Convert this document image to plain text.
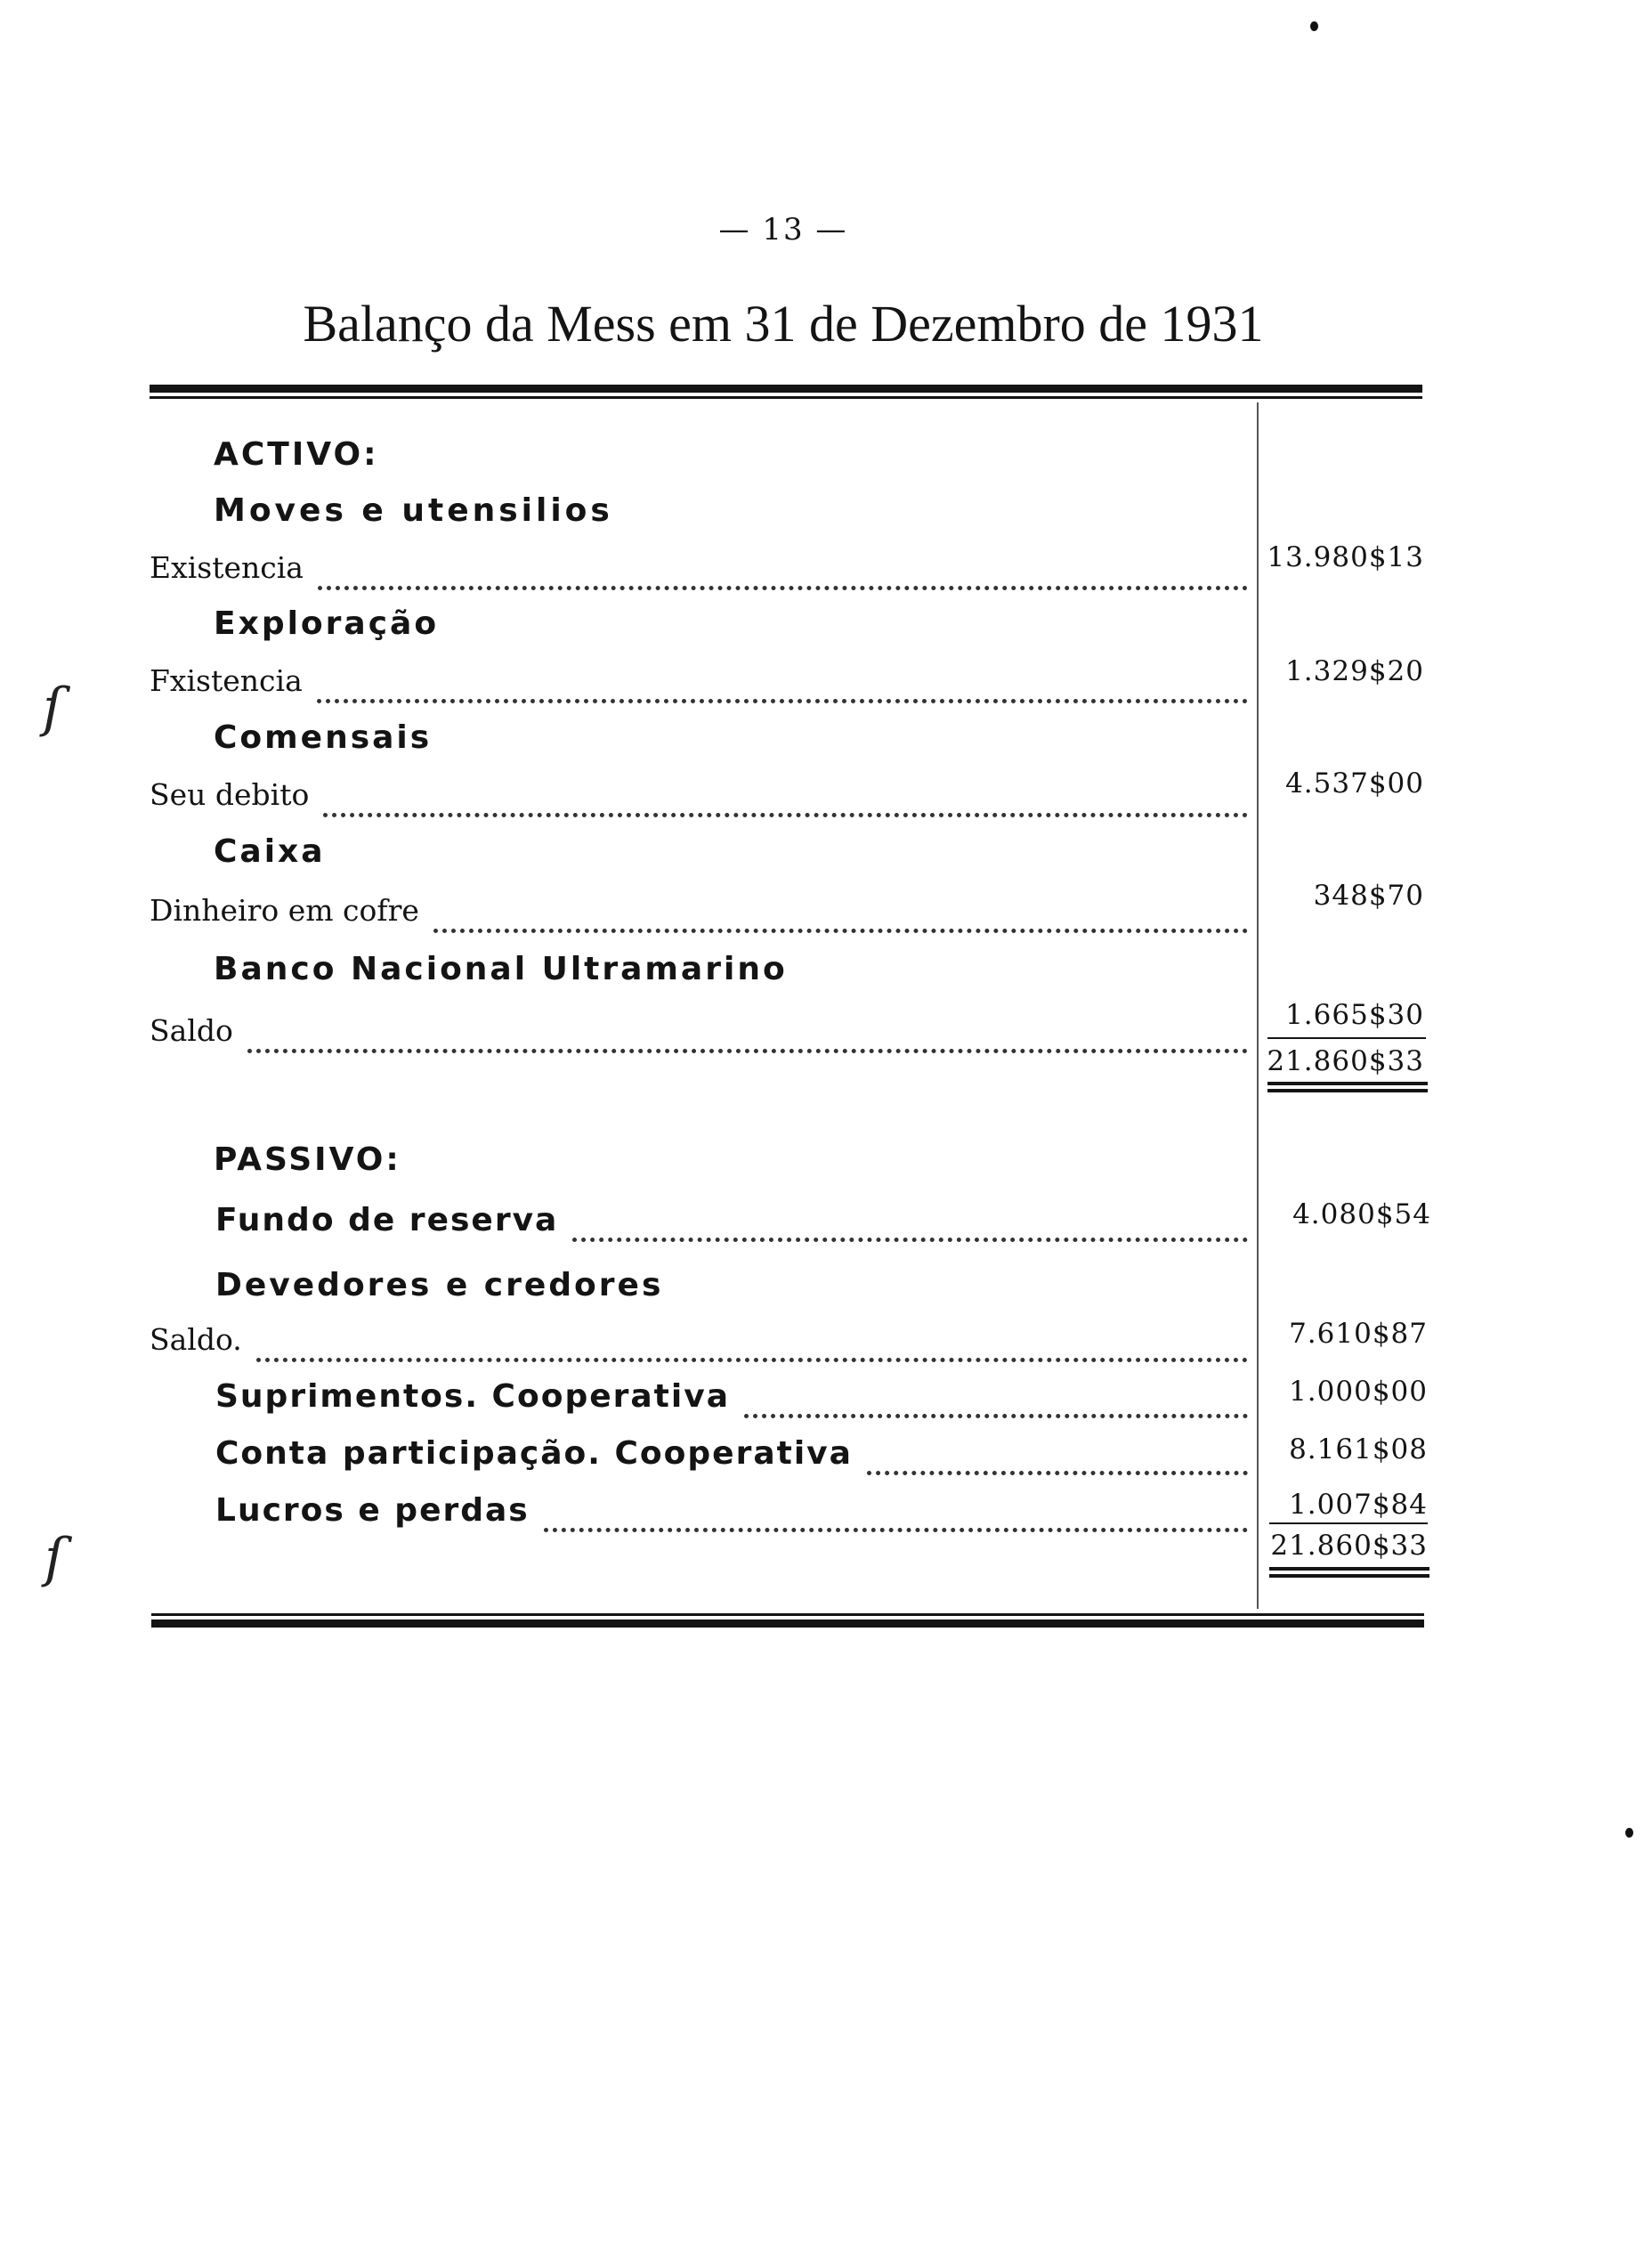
— 13 —
Balanço da Mess em 31 de Dezembro de 1931
ACTIVO:
Moves e utensilios
Existencia	13.980$13
Exploração
Fxistencia	1.329$20
Comensais
Seu debito	4.537$00
Caixa
Dinheiro em cofre	348$70
Banco Nacional Ultramarino
Saldo	1.665$30
21.860$33
PASSIVO:
Fundo de reserva	4.080$54
Devedores e credores
Saldo.	7.610$87
Suprimentos. Cooperativa	1.000$00
Conta participação. Cooperativa	8.161$08
Lucros e perdas	1.007$84
21.860$33
ſ
ſ
